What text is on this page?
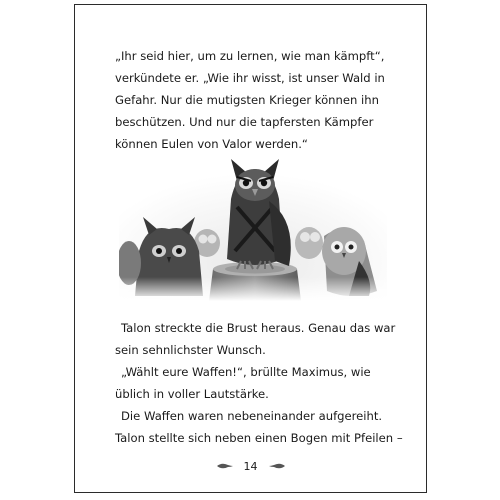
„Ihr seid hier, um zu lernen, wie man kämpft“,
verkündete er. „Wie ihr wisst, ist unser Wald in
Gefahr. Nur die mutigsten Krieger können ihn
beschützen. Und nur die tapfersten Kämpfer
können Eulen von Valor werden.“

Talon streckte die Brust heraus. Genau das war
sein sehnlichster Wunsch.
„Wählt eure Waffen!“, brüllte Maximus, wie
üblich in voller Lautstärke.
Die Waffen waren nebeneinander aufgereiht.
Talon stellte sich neben einen Bogen mit Pfeilen –

14
